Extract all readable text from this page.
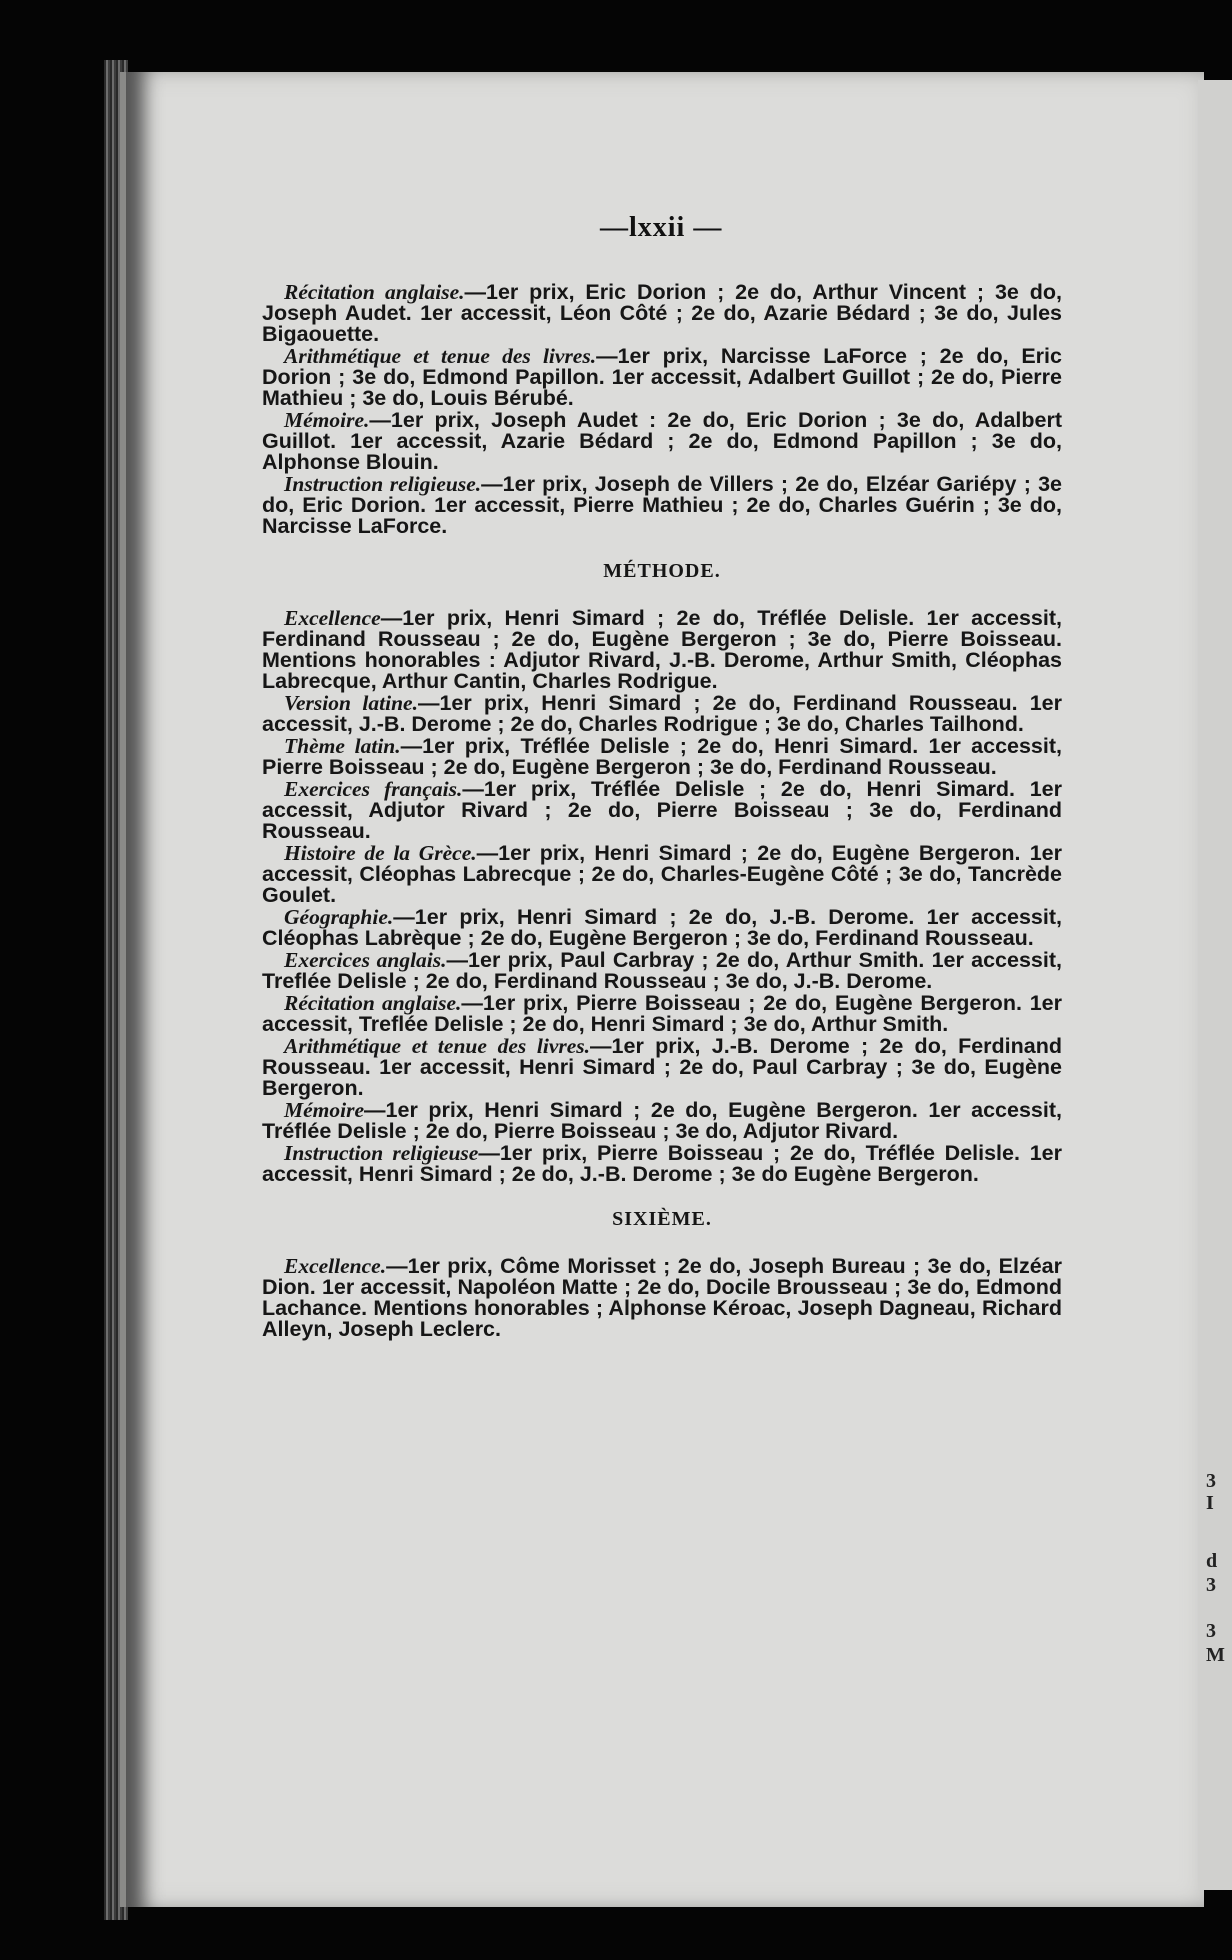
3
I
d
3
3
M
—lxxii —

Récitation anglaise.—1er prix, Eric Dorion ; 2e do, Arthur Vincent ; 3e do, Joseph Audet. 1er accessit, Léon Côté ; 2e do, Azarie Bédard ; 3e do, Jules Bigaouette.

Arithmétique et tenue des livres.—1er prix, Narcisse LaForce ; 2e do, Eric Dorion ; 3e do, Edmond Papillon. 1er accessit, Adalbert Guillot ; 2e do, Pierre Mathieu ; 3e do, Louis Bérubé.

Mémoire.—1er prix, Joseph Audet : 2e do, Eric Dorion ; 3e do, Adalbert Guillot. 1er accessit, Azarie Bédard ; 2e do, Edmond Papillon ; 3e do, Alphonse Blouin.

Instruction religieuse.—1er prix, Joseph de Villers ; 2e do, Elzéar Gariépy ; 3e do, Eric Dorion. 1er accessit, Pierre Mathieu ; 2e do, Charles Guérin ; 3e do, Narcisse LaForce.

MÉTHODE.

Excellence—1er prix, Henri Simard ; 2e do, Tréflée Delisle. 1er accessit, Ferdinand Rousseau ; 2e do, Eugène Bergeron ; 3e do, Pierre Boisseau. Mentions honorables : Adjutor Rivard, J.-B. Derome, Arthur Smith, Cléophas Labrecque, Arthur Cantin, Charles Rodrigue.

Version latine.—1er prix, Henri Simard ; 2e do, Ferdinand Rousseau. 1er accessit, J.-B. Derome ; 2e do, Charles Rodrigue ; 3e do, Charles Tailhond.

Thème latin.—1er prix, Tréflée Delisle ; 2e do, Henri Simard. 1er accessit, Pierre Boisseau ; 2e do, Eugène Bergeron ; 3e do, Ferdinand Rousseau.

Exercices français.—1er prix, Tréflée Delisle ; 2e do, Henri Simard. 1er accessit, Adjutor Rivard ; 2e do, Pierre Boisseau ; 3e do, Ferdinand Rousseau.

Histoire de la Grèce.—1er prix, Henri Simard ; 2e do, Eugène Bergeron. 1er accessit, Cléophas Labrecque ; 2e do, Charles-Eugène Côté ; 3e do, Tancrède Goulet.

Géographie.—1er prix, Henri Simard ; 2e do, J.-B. Derome. 1er accessit, Cléophas Labrèque ; 2e do, Eugène Bergeron ; 3e do, Ferdinand Rousseau.

Exercices anglais.—1er prix, Paul Carbray ; 2e do, Arthur Smith. 1er accessit, Treflée Delisle ; 2e do, Ferdinand Rousseau ; 3e do, J.-B. Derome.

Récitation anglaise.—1er prix, Pierre Boisseau ; 2e do, Eugène Bergeron. 1er accessit, Treflée Delisle ; 2e do, Henri Simard ; 3e do, Arthur Smith.

Arithmétique et tenue des livres.—1er prix, J.-B. Derome ; 2e do, Ferdinand Rousseau. 1er accessit, Henri Simard ; 2e do, Paul Carbray ; 3e do, Eugène Bergeron.

Mémoire—1er prix, Henri Simard ; 2e do, Eugène Bergeron. 1er accessit, Tréflée Delisle ; 2e do, Pierre Boisseau ; 3e do, Adjutor Rivard.

Instruction religieuse—1er prix, Pierre Boisseau ; 2e do, Tréflée Delisle. 1er accessit, Henri Simard ; 2e do, J.-B. Derome ; 3e do Eugène Bergeron.

SIXIÈME.

Excellence.—1er prix, Côme Morisset ; 2e do, Joseph Bureau ; 3e do, Elzéar Dion. 1er accessit, Napoléon Matte ; 2e do, Docile Brousseau ; 3e do, Edmond Lachance. Mentions honorables ; Alphonse Kéroac, Joseph Dagneau, Richard Alleyn, Joseph Leclerc.
